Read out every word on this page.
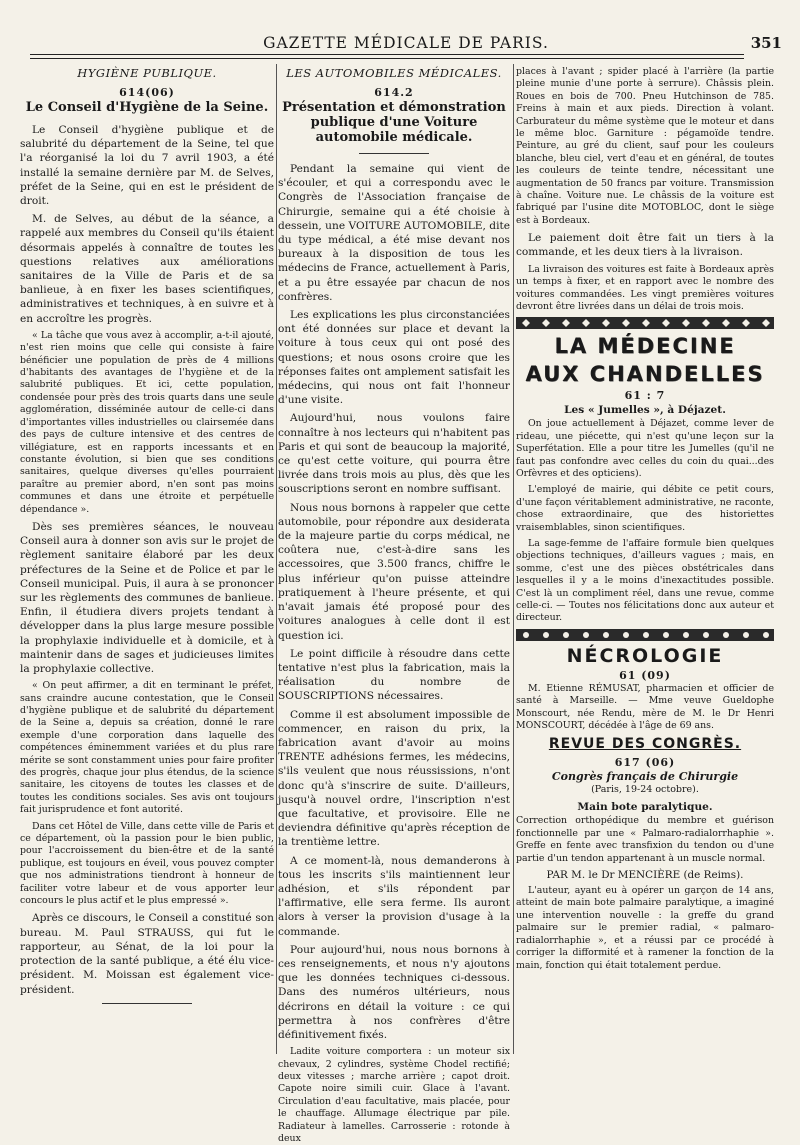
GAZETTE MÉDICALE DE PARIS.	351
HYGIÈNE PUBLIQUE.
614(06)
Le Conseil d'Hygiène de la Seine.

Le Conseil d'hygiène publique et de salubrité du département de la Seine, tel que l'a réorganisé la loi du 7 avril 1903, a été installé la semaine dernière par M. de Selves, préfet de la Seine, qui en est le président de droit.

M. de Selves, au début de la séance, a rappelé aux membres du Conseil qu'ils étaient désormais appelés à connaître de toutes les questions relatives aux améliorations sanitaires de la Ville de Paris et de sa banlieue, à en fixer les bases scientifiques, administratives et techniques, à en suivre et à en accroître les progrès.

« La tâche que vous avez à accomplir, a-t-il ajouté, n'est rien moins que celle qui consiste à faire bénéficier une population de près de 4 millions d'habitants des avantages de l'hygiène et de la salubrité publiques. Et ici, cette population, condensée pour près des trois quarts dans une seule agglomération, disséminée autour de celle-ci dans d'importantes villes industrielles ou clairsemée dans des pays de culture intensive et des centres de villégiature, est en rapports incessants et en constante évolution, si bien que ses conditions sanitaires, quelque diverses qu'elles pourraient paraître au premier abord, n'en sont pas moins communes et dans une étroite et perpétuelle dépendance ».

Dès ses premières séances, le nouveau Conseil aura à donner son avis sur le projet de règlement sanitaire élaboré par les deux préfectures de la Seine et de Police et par le Conseil municipal. Puis, il aura à se prononcer sur les règlements des communes de banlieue. Enfin, il étudiera divers projets tendant à développer dans la plus large mesure possible la prophylaxie individuelle et à domicile, et à maintenir dans de sages et judicieuses limites la prophylaxie collective.

« On peut affirmer, a dit en terminant le préfet, sans craindre aucune contestation, que le Conseil d'hygiène publique et de salubrité du département de la Seine a, depuis sa création, donné le rare exemple d'une corporation dans laquelle des compétences éminemment variées et du plus rare mérite se sont constamment unies pour faire profiter des progrès, chaque jour plus étendus, de la science sanitaire, les citoyens de toutes les classes et de toutes les conditions sociales. Ses avis ont toujours fait jurisprudence et font autorité.

Dans cet Hôtel de Ville, dans cette ville de Paris et ce département, où la passion pour le bien public, pour l'accroissement du bien-être et de la santé publique, est toujours en éveil, vous pouvez compter que nos administrations tiendront à honneur de faciliter votre labeur et de vous apporter leur concours le plus actif et le plus empressé ».

Après ce discours, le Conseil a constitué son bureau. M. Paul STRAUSS, qui fut le rapporteur, au Sénat, de la loi pour la protection de la santé publique, a été élu vice-président. M. Moissan est également vice-président.

LES AUTOMOBILES MÉDICALES.
614.2
Présentation et démonstration publique d'une Voiture automobile médicale.

Pendant la semaine qui vient de s'écouler, et qui a correspondu avec le Congrès de l'Association française de Chirurgie, semaine qui a été choisie à dessein, une VOITURE AUTOMOBILE, dite du type médical, a été mise devant nos bureaux à la disposition de tous les médecins de France, actuellement à Paris, et a pu être essayée par chacun de nos confrères.

Les explications les plus circonstanciées ont été données sur place et devant la voiture à tous ceux qui ont posé des questions; et nous osons croire que les réponses faites ont amplement satisfait les médecins, qui nous ont fait l'honneur d'une visite.

Aujourd'hui, nous voulons faire connaître à nos lecteurs qui n'habitent pas Paris et qui sont de beaucoup la majorité, ce qu'est cette voiture, qui pourra être livrée dans trois mois au plus, dès que les souscriptions seront en nombre suffisant.

Nous nous bornons à rappeler que cette automobile, pour répondre aux desiderata de la majeure partie du corps médical, ne coûtera nue, c'est-à-dire sans les accessoires, que 3.500 francs, chiffre le plus inférieur qu'on puisse atteindre pratiquement à l'heure présente, et qui n'avait jamais été proposé pour des voitures analogues à celle dont il est question ici.

Le point difficile à résoudre dans cette tentative n'est plus la fabrication, mais la réalisation du nombre de SOUSCRIPTIONS nécessaires.

Comme il est absolument impossible de commencer, en raison du prix, la fabrication avant d'avoir au moins TRENTE adhésions fermes, les médecins, s'ils veulent que nous réussissions, n'ont donc qu'à s'inscrire de suite. D'ailleurs, jusqu'à nouvel ordre, l'inscription n'est que facultative, et provisoire. Elle ne deviendra définitive qu'après réception de la trentième lettre.

A ce moment-là, nous demanderons à tous les inscrits s'ils maintiennent leur adhésion, et s'ils répondent par l'affirmative, elle sera ferme. Ils auront alors à verser la provision d'usage à la commande.

Pour aujourd'hui, nous nous bornons à ces renseignements, et nous n'y ajoutons que les données techniques ci-dessous. Dans des numéros ultérieurs, nous décrirons en détail la voiture : ce qui permettra à nos confrères d'être définitivement fixés.

Ladite voiture comportera : un moteur six chevaux, 2 cylindres, système Chodel rectifié; deux vitesses ; marche arrière ; capot droit. Capote noire simili cuir. Glace à l'avant. Circulation d'eau facultative, mais placée, pour le chauffage. Allumage électrique par pile. Radiateur à lamelles. Carrosserie : rotonde à deux

places à l'avant ; spider placé à l'arrière (la partie pleine munie d'une porte à serrure). Châssis plein. Roues en bois de 700. Pneu Hutchinson de 785. Freins à main et aux pieds. Direction à volant. Carburateur du même système que le moteur et dans le même bloc. Garniture : pégamoïde tendre. Peinture, au gré du client, sauf pour les couleurs blanche, bleu ciel, vert d'eau et en général, de toutes les couleurs de teinte tendre, nécessitant une augmentation de 50 francs par voiture. Transmission à chaîne. Voiture nue. Le châssis de la voiture est fabriqué par l'usine dite MOTOBLOC, dont le siège est à Bordeaux.

Le paiement doit être fait un tiers à la commande, et les deux tiers à la livraison.

La livraison des voitures est faite à Bordeaux après un temps à fixer, et en rapport avec le nombre des voitures commandées. Les vingt premières voitures devront être livrées dans un délai de trois mois.

LA MÉDECINE
AUX CHANDELLES
61 : 7
Les « Jumelles », à Déjazet.

On joue actuellement à Déjazet, comme lever de rideau, une piécette, qui n'est qu'une leçon sur la Superfétation. Elle a pour titre les Jumelles (qu'il ne faut pas confondre avec celles du coin du quai...des Orfèvres et des opticiens).

L'employé de mairie, qui débite ce petit cours, d'une façon véritablement administrative, ne raconte, chose extraordinaire, que des historiettes vraisemblables, sinon scientifiques.

La sage-femme de l'affaire formule bien quelques objections techniques, d'ailleurs vagues ; mais, en somme, c'est une des pièces obstétricales dans lesquelles il y a le moins d'inexactitudes possible. C'est là un compliment réel, dans une revue, comme celle-ci. — Toutes nos félicitations donc aux auteur et directeur.

NÉCROLOGIE
61 (09)

M. Etienne RÉMUSAT, pharmacien et officier de santé à Marseille. — Mme veuve Gueldophe Monscourt, née Rendu, mère de M. le Dr Henri MONSCOURT, décédée à l'âge de 69 ans.

REVUE DES CONGRÈS.
617 (06)
Congrès français de Chirurgie
(Paris, 19-24 octobre).
Main bote paralytique.

Correction orthopédique du membre et guérison fonctionnelle par une « Palmaro-radialorrhaphie ». Greffe en fente avec transfixion du tendon ou d'une partie d'un tendon appartenant à un muscle normal.

PAR M. le Dr MENCIÈRE (de Reims).

L'auteur, ayant eu à opérer un garçon de 14 ans, atteint de main bote palmaire paralytique, a imaginé une intervention nouvelle : la greffe du grand palmaire sur le premier radial, « palmaro-radialorrhaphie », et a réussi par ce procédé à corriger la difformité et à ramener la fonction de la main, fonction qui était totalement perdue.
